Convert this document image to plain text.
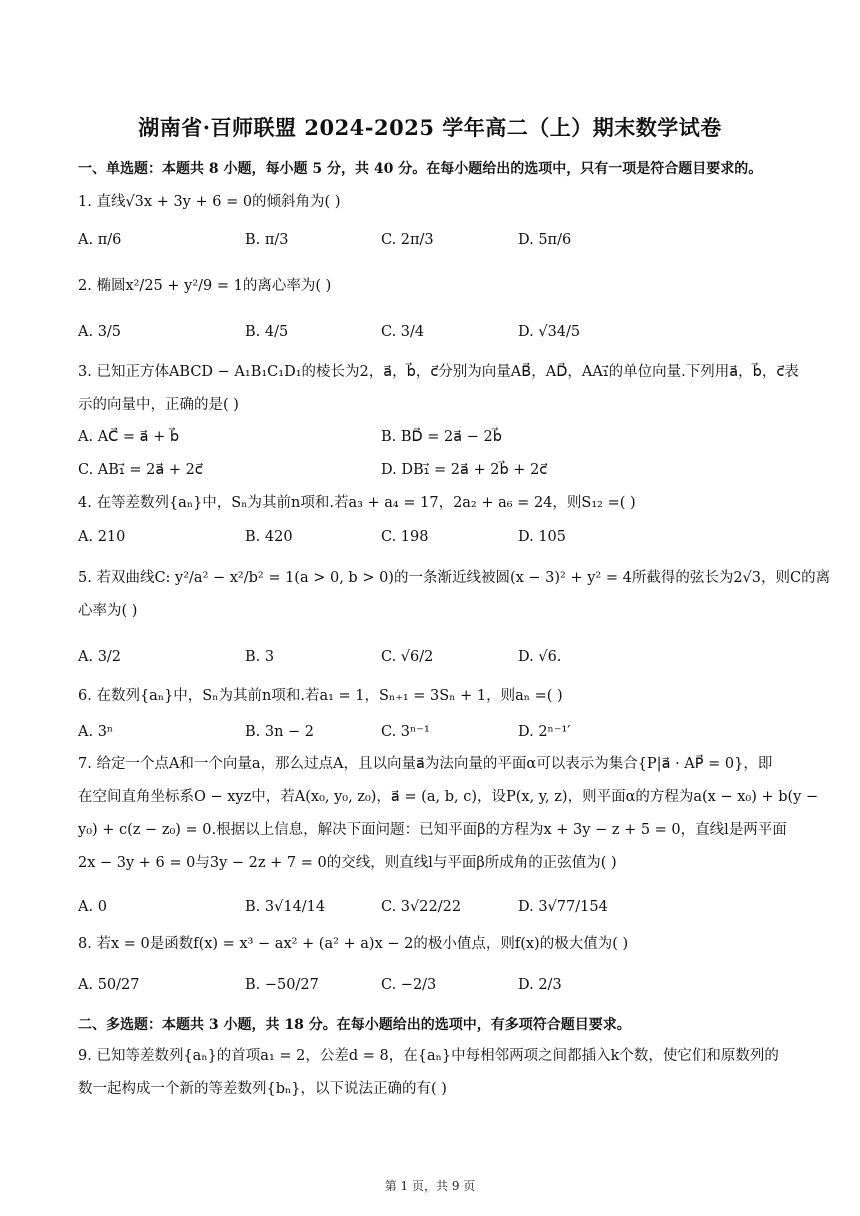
湖南省·百师联盟 2024-2025 学年高二（上）期末数学试卷
一、单选题：本题共 8 小题，每小题 5 分，共 40 分。在每小题给出的选项中，只有一项是符合题目要求的。
1. 直线√3x + 3y + 6 = 0的倾斜角为( )
A. π/6	B. π/3	C. 2π/3	D. 5π/6
2. 椭圆x²/25 + y²/9 = 1的离心率为( )
A. 3/5	B. 4/5	C. 3/4	D. √34/5
3. 已知正方体ABCD − A₁B₁C₁D₁的棱长为2，a⃗，b⃗，c⃗分别为向量AB⃗，AD⃗，AA₁⃗的单位向量.下列用a⃗，b⃗，c⃗表
示的向量中，正确的是( )
A. AC⃗ = a⃗ + b⃗	B. BD⃗ = 2a⃗ − 2b⃗
C. AB₁⃗ = 2a⃗ + 2c⃗	D. DB₁⃗ = 2a⃗ + 2b⃗ + 2c⃗
4. 在等差数列{aₙ}中，Sₙ为其前n项和.若a₃ + a₄ = 17，2a₂ + a₆ = 24，则S₁₂ =( )
A. 210	B. 420	C. 198	D. 105
5. 若双曲线C: y²/a² − x²/b² = 1(a > 0, b > 0)的一条渐近线被圆(x − 3)² + y² = 4所截得的弦长为2√3，则C的离
心率为( )
A. 3/2	B. 3	C. √6/2	D. √6.
6. 在数列{aₙ}中，Sₙ为其前n项和.若a₁ = 1，Sₙ₊₁ = 3Sₙ + 1，则aₙ =( )
A. 3ⁿ	B. 3n − 2	C. 3ⁿ⁻¹	D. 2ⁿ⁻¹′
7. 给定一个点A和一个向量a，那么过点A，且以向量a⃗为法向量的平面α可以表示为集合{P|a⃗ · AP⃗ = 0}，即
在空间直角坐标系O − xyz中，若A(x₀, y₀, z₀)，a⃗ = (a, b, c)，设P(x, y, z)，则平面α的方程为a(x − x₀) + b(y −
y₀) + c(z − z₀) = 0.根据以上信息，解决下面问题：已知平面β的方程为x + 3y − z + 5 = 0，直线l是两平面
2x − 3y + 6 = 0与3y − 2z + 7 = 0的交线，则直线l与平面β所成角的正弦值为( )
A. 0	B. 3√14/14	C. 3√22/22	D. 3√77/154
8. 若x = 0是函数f(x) = x³ − ax² + (a² + a)x − 2的极小值点，则f(x)的极大值为( )
A. 50/27	B. −50/27	C. −2/3	D. 2/3
二、多选题：本题共 3 小题，共 18 分。在每小题给出的选项中，有多项符合题目要求。
9. 已知等差数列{aₙ}的首项a₁ = 2，公差d = 8，在{aₙ}中每相邻两项之间都插入k个数，使它们和原数列的
数一起构成一个新的等差数列{bₙ}，以下说法正确的有( )
第 1 页，共 9 页
